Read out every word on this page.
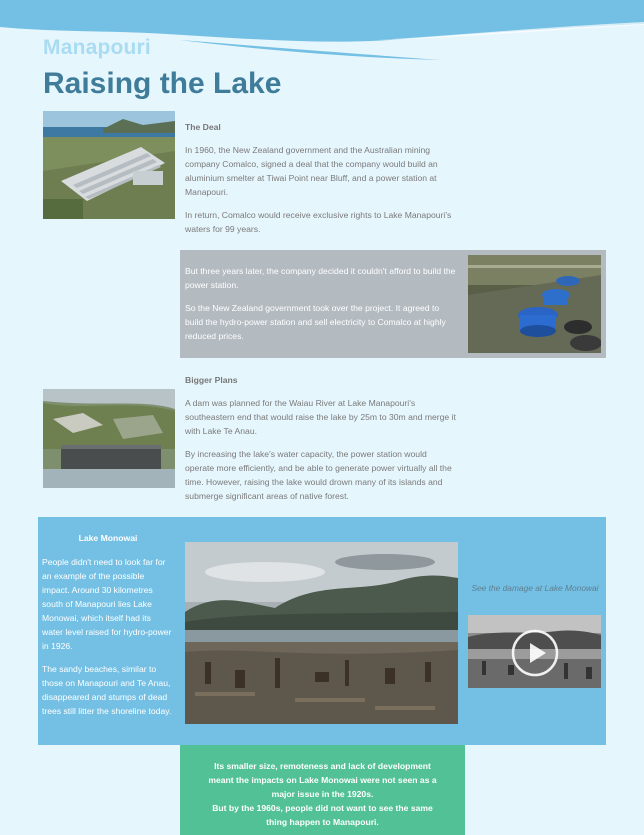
Manapouri
Raising the Lake
The Deal

In 1960, the New Zealand government and the Australian mining company Comalco, signed a deal that the company would build an aluminium smelter at Tiwai Point near Bluff, and a power station at Manapouri.

In return, Comalco would receive exclusive rights to Lake Manapouri's waters for 99 years.

But three years later, the company decided it couldn't afford to build the power station.

So the New Zealand government took over the project. It agreed to build the hydro-power station and sell electricity to Comalco at highly reduced prices.

Bigger Plans

A dam was planned for the Waiau River at Lake Manapouri's southeastern end that would raise the lake by 25m to 30m and merge it with Lake Te Anau.

By increasing the lake's water capacity, the power station would operate more efficiently, and be able to generate power virtually all the time. However, raising the lake would drown many of its islands and submerge significant areas of native forest.

Lake Monowai

People didn't need to look far for an example of the possible impact. Around 30 kilometres south of Manapouri lies Lake Monowai, which itself had its water level raised for hydro-power in 1926.

The sandy beaches, similar to those on Manapouri and Te Anau, disappeared and stumps of dead trees still litter the shoreline today.

See the damage at Lake Monowai

Its smaller size, remoteness and lack of development meant the impacts on Lake Monowai were not seen as a major issue in the 1920s.

But by the 1960s, people did not want to see the same thing happen to Manapouri.
